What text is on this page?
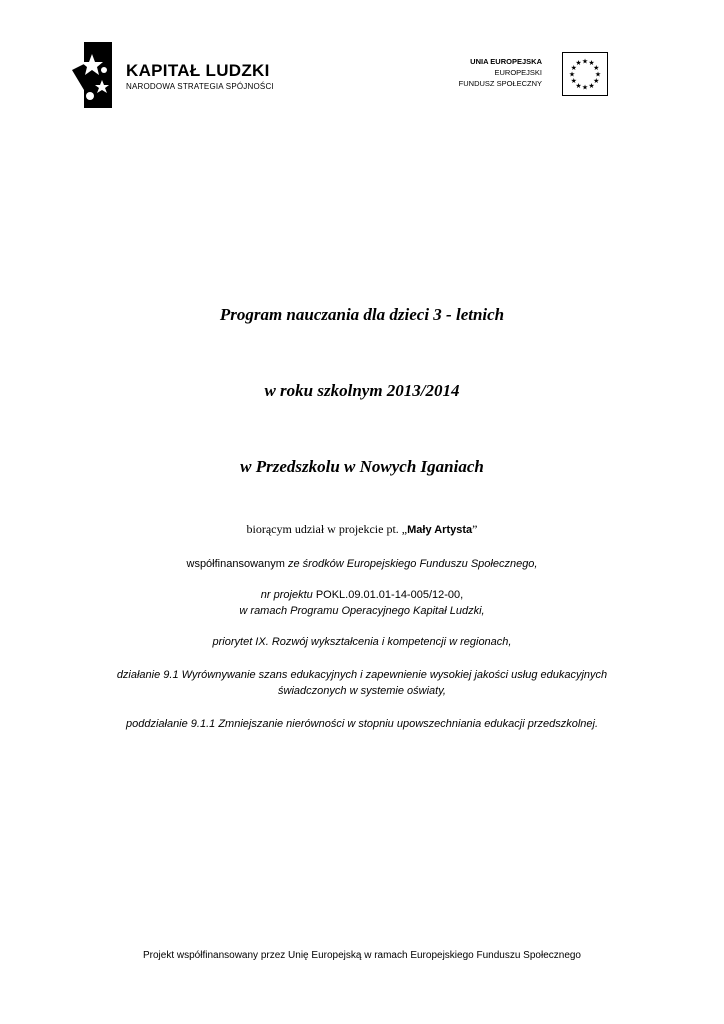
KAPITAŁ LUDZKI
NARODOWA STRATEGIA SPÓJNOŚCI
UNIA EUROPEJSKA
EUROPEJSKI
FUNDUSZ SPOŁECZNY
★ ★
★
★
★
★
★
★
★
★
★
★
Program nauczania dla dzieci 3 - letnich
w roku szkolnym 2013/2014
w Przedszkolu w Nowych Iganiach
biorącym udział w projekcie pt. „Mały Artysta”
współfinansowanym ze środków Europejskiego Funduszu Społecznego,
nr projektu POKL.09.01.01-14-005/12-00,
w ramach Programu Operacyjnego Kapitał Ludzki,
priorytet IX. Rozwój wykształcenia i kompetencji w regionach,
działanie 9.1 Wyrównywanie szans edukacyjnych i zapewnienie wysokiej jakości usług edukacyjnych
świadczonych w systemie oświaty,
poddziałanie 9.1.1 Zmniejszanie nierówności w stopniu upowszechniania edukacji przedszkolnej.
Projekt współfinansowany przez Unię Europejską w ramach Europejskiego Funduszu Społecznego
